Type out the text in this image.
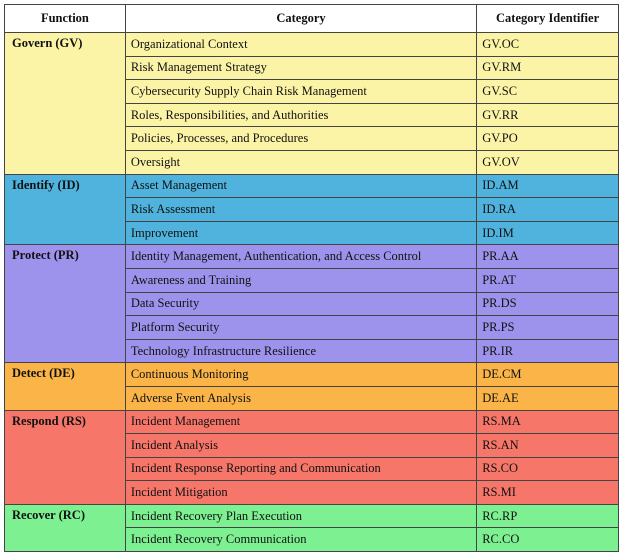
Function	Category	Category Identifier
Govern (GV)	Organizational Context	GV.OC
	Risk Management Strategy	GV.RM
	Cybersecurity Supply Chain Risk Management	GV.SC
	Roles, Responsibilities, and Authorities	GV.RR
	Policies, Processes, and Procedures	GV.PO
	Oversight	GV.OV
Identify (ID)	Asset Management	ID.AM
	Risk Assessment	ID.RA
	Improvement	ID.IM
Protect (PR)	Identity Management, Authentication, and Access Control	PR.AA
	Awareness and Training	PR.AT
	Data Security	PR.DS
	Platform Security	PR.PS
	Technology Infrastructure Resilience	PR.IR
Detect (DE)	Continuous Monitoring	DE.CM
	Adverse Event Analysis	DE.AE
Respond (RS)	Incident Management	RS.MA
	Incident Analysis	RS.AN
	Incident Response Reporting and Communication	RS.CO
	Incident Mitigation	RS.MI
Recover (RC)	Incident Recovery Plan Execution	RC.RP
	Incident Recovery Communication	RC.CO
